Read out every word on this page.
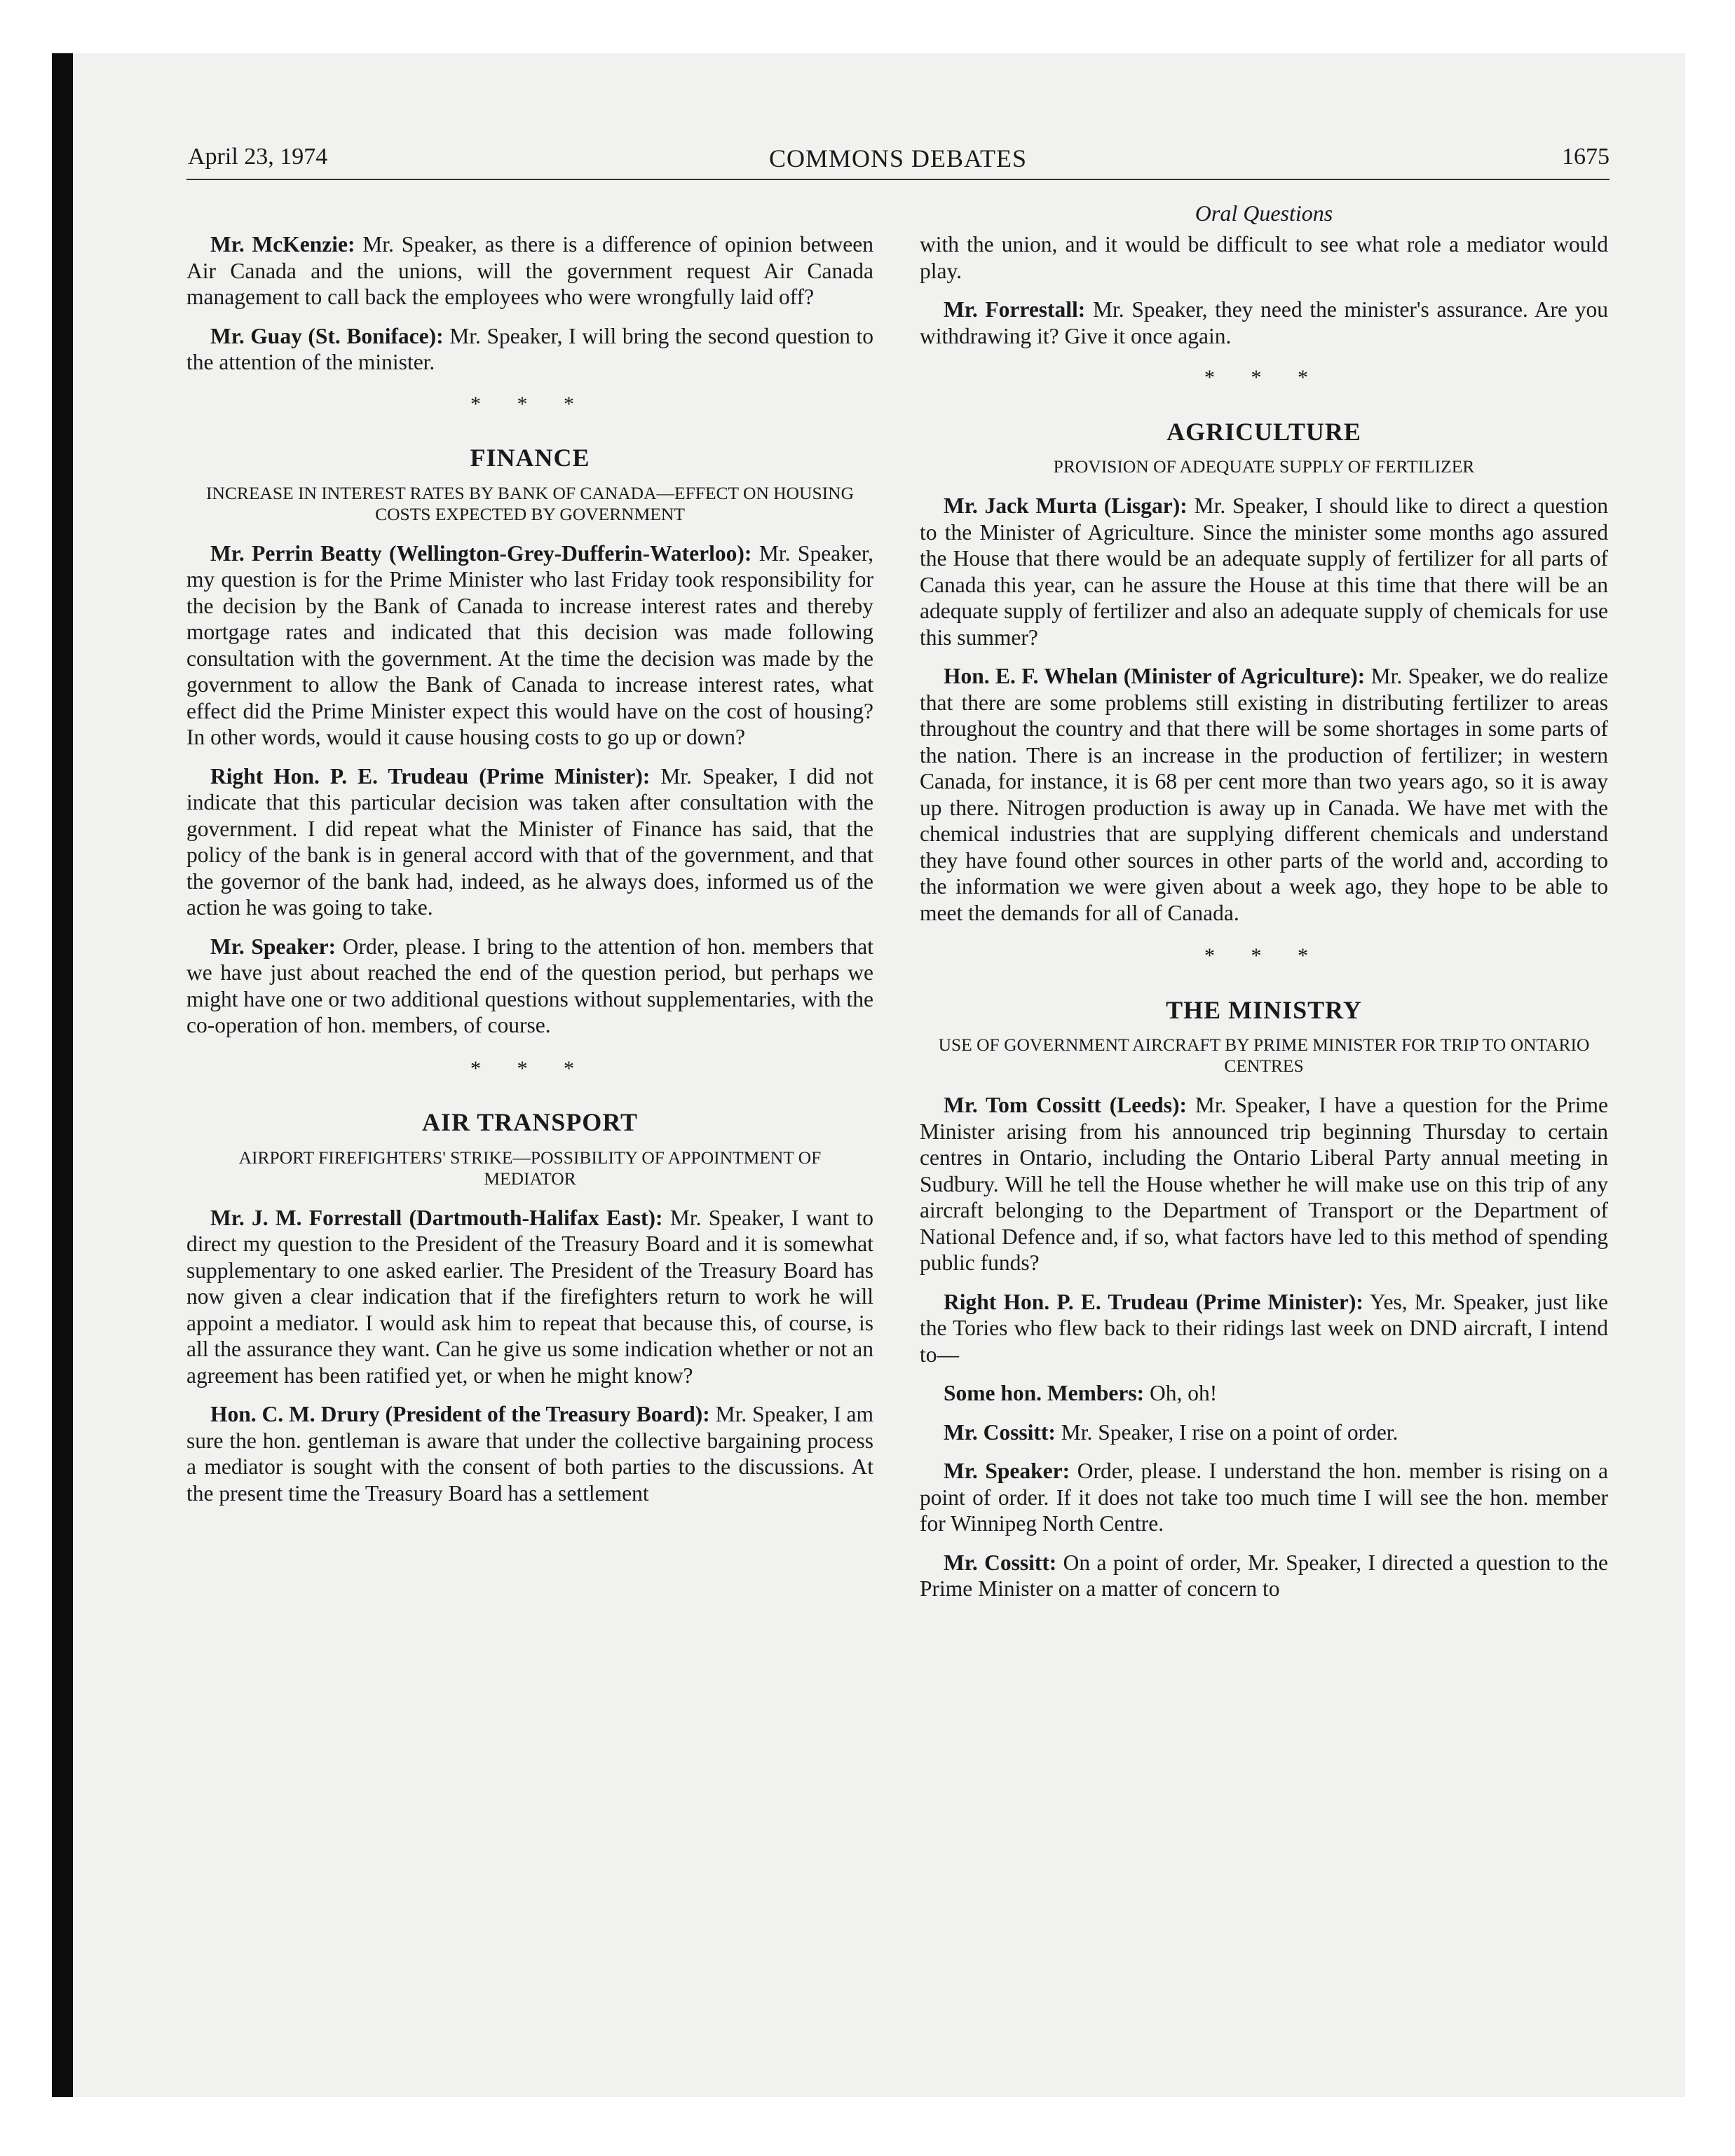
April 23, 1974	COMMONS DEBATES	1675
Oral Questions

Mr. McKenzie: Mr. Speaker, as there is a difference of opinion between Air Canada and the unions, will the government request Air Canada management to call back the employees who were wrongfully laid off?

Mr. Guay (St. Boniface): Mr. Speaker, I will bring the second question to the attention of the minister.

* * *
FINANCE
INCREASE IN INTEREST RATES BY BANK OF CANADA—EFFECT ON HOUSING COSTS EXPECTED BY GOVERNMENT

Mr. Perrin Beatty (Wellington-Grey-Dufferin-Waterloo): Mr. Speaker, my question is for the Prime Minister who last Friday took responsibility for the decision by the Bank of Canada to increase interest rates and thereby mortgage rates and indicated that this decision was made following consultation with the government. At the time the decision was made by the government to allow the Bank of Canada to increase interest rates, what effect did the Prime Minister expect this would have on the cost of housing? In other words, would it cause housing costs to go up or down?

Right Hon. P. E. Trudeau (Prime Minister): Mr. Speaker, I did not indicate that this particular decision was taken after consultation with the government. I did repeat what the Minister of Finance has said, that the policy of the bank is in general accord with that of the government, and that the governor of the bank had, indeed, as he always does, informed us of the action he was going to take.

Mr. Speaker: Order, please. I bring to the attention of hon. members that we have just about reached the end of the question period, but perhaps we might have one or two additional questions without supplementaries, with the co-operation of hon. members, of course.

* * *
AIR TRANSPORT
AIRPORT FIREFIGHTERS' STRIKE—POSSIBILITY OF APPOINTMENT OF MEDIATOR

Mr. J. M. Forrestall (Dartmouth-Halifax East): Mr. Speaker, I want to direct my question to the President of the Treasury Board and it is somewhat supplementary to one asked earlier. The President of the Treasury Board has now given a clear indication that if the firefighters return to work he will appoint a mediator. I would ask him to repeat that because this, of course, is all the assurance they want. Can he give us some indication whether or not an agreement has been ratified yet, or when he might know?

Hon. C. M. Drury (President of the Treasury Board): Mr. Speaker, I am sure the hon. gentleman is aware that under the collective bargaining process a mediator is sought with the consent of both parties to the discussions. At the present time the Treasury Board has a settlement

with the union, and it would be difficult to see what role a mediator would play.

Mr. Forrestall: Mr. Speaker, they need the minister's assurance. Are you withdrawing it? Give it once again.

* * *
AGRICULTURE
PROVISION OF ADEQUATE SUPPLY OF FERTILIZER

Mr. Jack Murta (Lisgar): Mr. Speaker, I should like to direct a question to the Minister of Agriculture. Since the minister some months ago assured the House that there would be an adequate supply of fertilizer for all parts of Canada this year, can he assure the House at this time that there will be an adequate supply of fertilizer and also an adequate supply of chemicals for use this summer?

Hon. E. F. Whelan (Minister of Agriculture): Mr. Speaker, we do realize that there are some problems still existing in distributing fertilizer to areas throughout the country and that there will be some shortages in some parts of the nation. There is an increase in the production of fertilizer; in western Canada, for instance, it is 68 per cent more than two years ago, so it is away up there. Nitrogen production is away up in Canada. We have met with the chemical industries that are supplying different chemicals and understand they have found other sources in other parts of the world and, according to the information we were given about a week ago, they hope to be able to meet the demands for all of Canada.

* * *
THE MINISTRY
USE OF GOVERNMENT AIRCRAFT BY PRIME MINISTER FOR TRIP TO ONTARIO CENTRES

Mr. Tom Cossitt (Leeds): Mr. Speaker, I have a question for the Prime Minister arising from his announced trip beginning Thursday to certain centres in Ontario, including the Ontario Liberal Party annual meeting in Sudbury. Will he tell the House whether he will make use on this trip of any aircraft belonging to the Department of Transport or the Department of National Defence and, if so, what factors have led to this method of spending public funds?

Right Hon. P. E. Trudeau (Prime Minister): Yes, Mr. Speaker, just like the Tories who flew back to their ridings last week on DND aircraft, I intend to—

Some hon. Members: Oh, oh!

Mr. Cossitt: Mr. Speaker, I rise on a point of order.

Mr. Speaker: Order, please. I understand the hon. member is rising on a point of order. If it does not take too much time I will see the hon. member for Winnipeg North Centre.

Mr. Cossitt: On a point of order, Mr. Speaker, I directed a question to the Prime Minister on a matter of concern to
